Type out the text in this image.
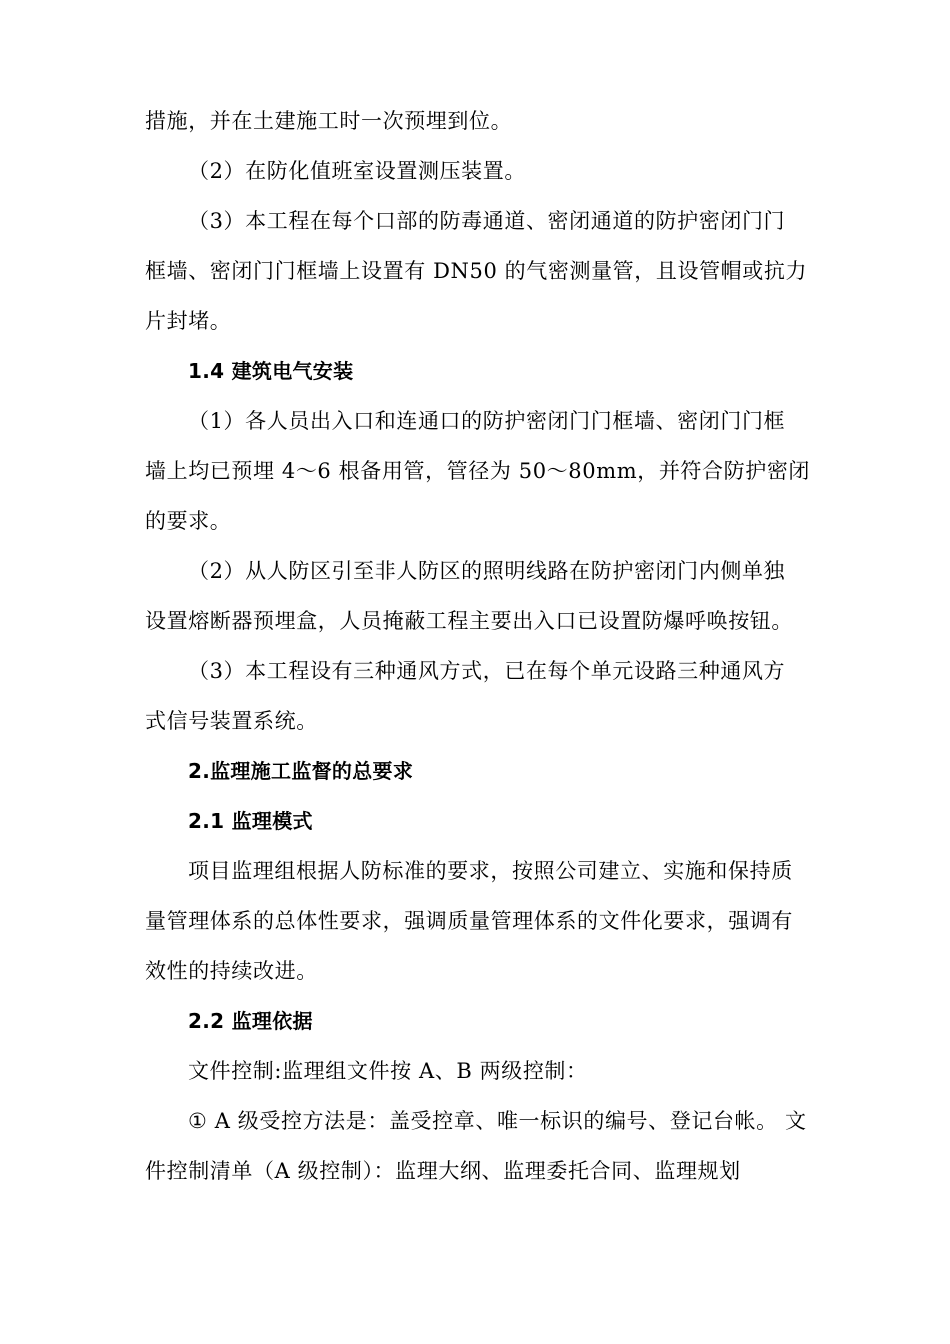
措施，并在土建施工时一次预埋到位。
（2）在防化值班室设置测压装置。
（3）本工程在每个口部的防毒通道、密闭通道的防护密闭门门
框墙、密闭门门框墙上设置有 DN50 的气密测量管，且设管帽或抗力
片封堵。
1.4 建筑电气安装
（1）各人员出入口和连通口的防护密闭门门框墙、密闭门门框
墙上均已预埋 4～6 根备用管，管径为 50～80mm，并符合防护密闭
的要求。
（2）从人防区引至非人防区的照明线路在防护密闭门内侧单独
设置熔断器预埋盒，人员掩蔽工程主要出入口已设置防爆呼唤按钮。
（3）本工程设有三种通风方式，已在每个单元设路三种通风方
式信号装置系统。
2.监理施工监督的总要求
2.1 监理模式
项目监理组根据人防标准的要求，按照公司建立、实施和保持质
量管理体系的总体性要求，强调质量管理体系的文件化要求，强调有
效性的持续改进。
2.2 监理依据
文件控制:监理组文件按 A、B 两级控制：
① A 级受控方法是：盖受控章、唯一标识的编号、登记台帐。 文
件控制清单（A 级控制）：监理大纲、监理委托合同、监理规划
